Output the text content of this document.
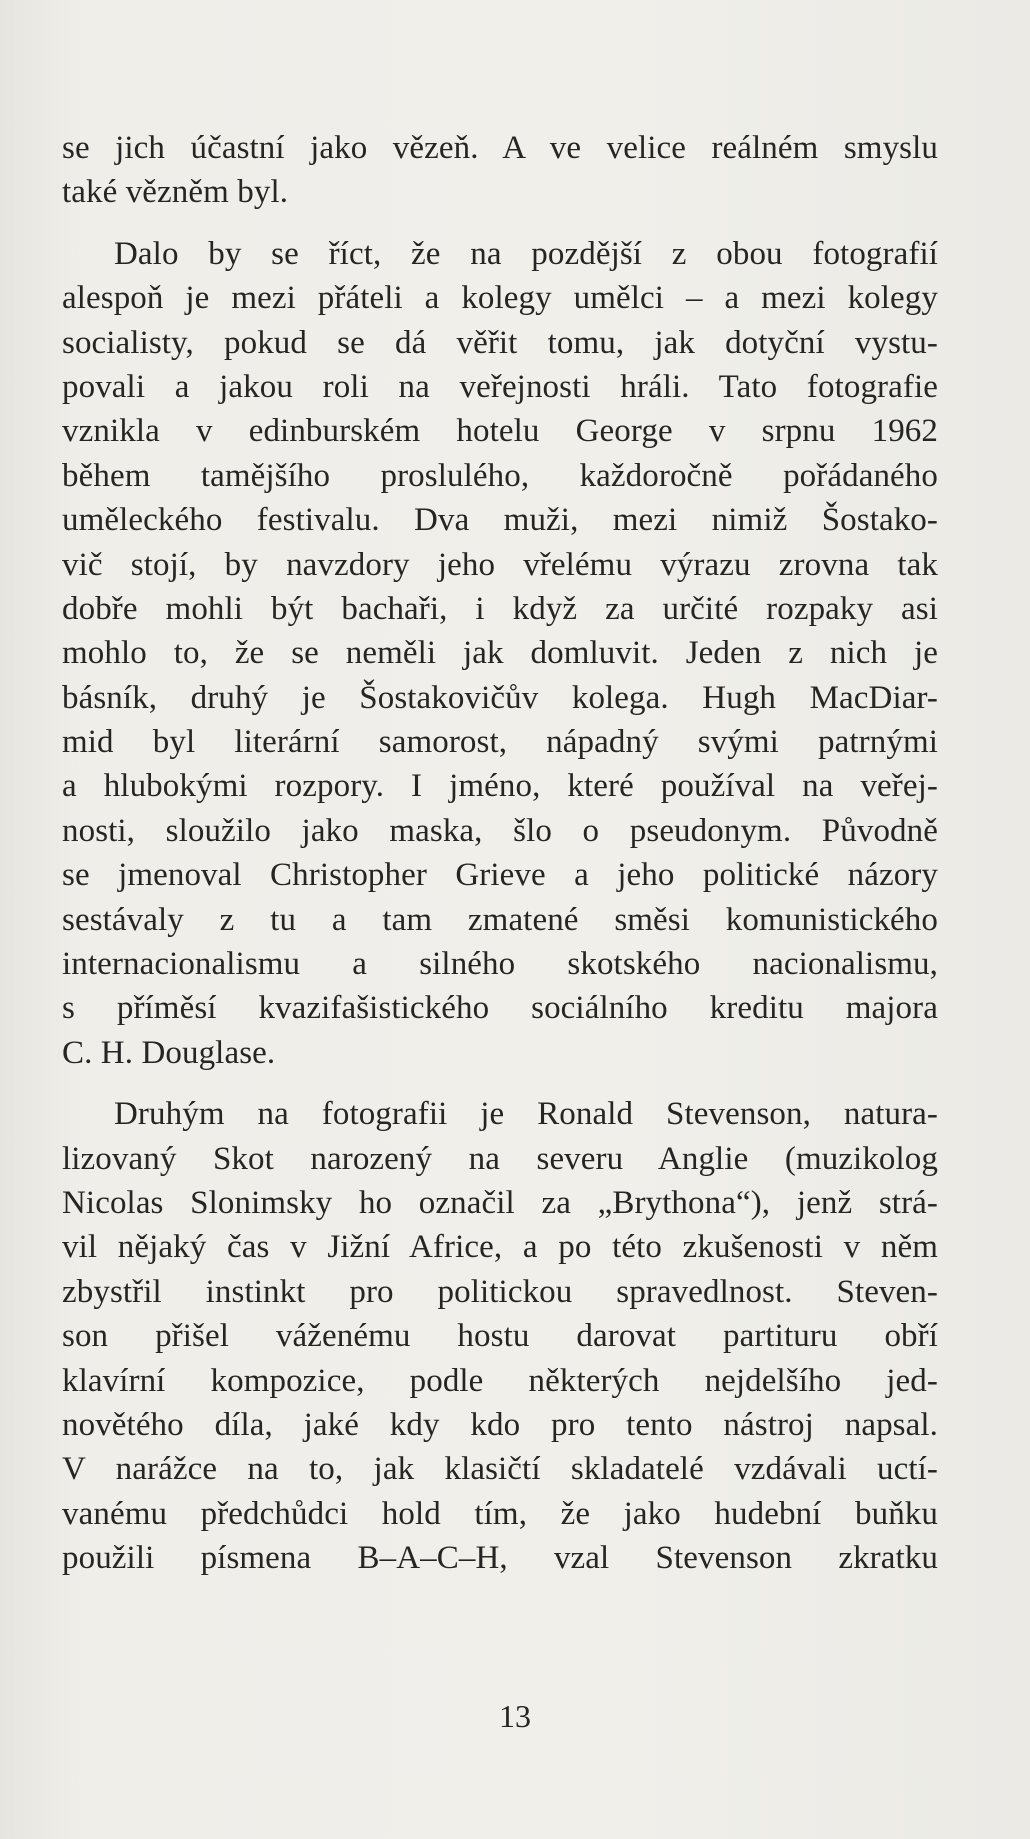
se jich účastní jako vězeň. A ve velice reálném smyslu
také vězněm byl.
Dalo by se říct, že na pozdější z obou fotografií
alespoň je mezi přáteli a kolegy umělci – a mezi kolegy
socialisty, pokud se dá věřit tomu, jak dotyční vystu-
povali a jakou roli na veřejnosti hráli. Tato fotografie
vznikla v edinburském hotelu George v srpnu 1962
během tamějšího proslulého, každoročně pořádaného
uměleckého festivalu. Dva muži, mezi nimiž Šostako-
vič stojí, by navzdory jeho vřelému výrazu zrovna tak
dobře mohli být bachaři, i když za určité rozpaky asi
mohlo to, že se neměli jak domluvit. Jeden z nich je
básník, druhý je Šostakovičův kolega. Hugh MacDiar-
mid byl literární samorost, nápadný svými patrnými
a hlubokými rozpory. I jméno, které používal na veřej-
nosti, sloužilo jako maska, šlo o pseudonym. Původně
se jmenoval Christopher Grieve a jeho politické názory
sestávaly z tu a tam zmatené směsi komunistického
internacionalismu a silného skotského nacionalismu,
s příměsí kvazifašistického sociálního kreditu majora
C. H. Douglase.
Druhým na fotografii je Ronald Stevenson, natura-
lizovaný Skot narozený na severu Anglie (muzikolog
Nicolas Slonimsky ho označil za „Brythona“), jenž strá-
vil nějaký čas v Jižní Africe, a po této zkušenosti v něm
zbystřil instinkt pro politickou spravedlnost. Steven-
son přišel váženému hostu darovat partituru obří
klavírní kompozice, podle některých nejdelšího jed-
novětého díla, jaké kdy kdo pro tento nástroj napsal.
V narážce na to, jak klasičtí skladatelé vzdávali uctí-
vanému předchůdci hold tím, že jako hudební buňku
použili písmena B–A–C–H, vzal Stevenson zkratku
13
